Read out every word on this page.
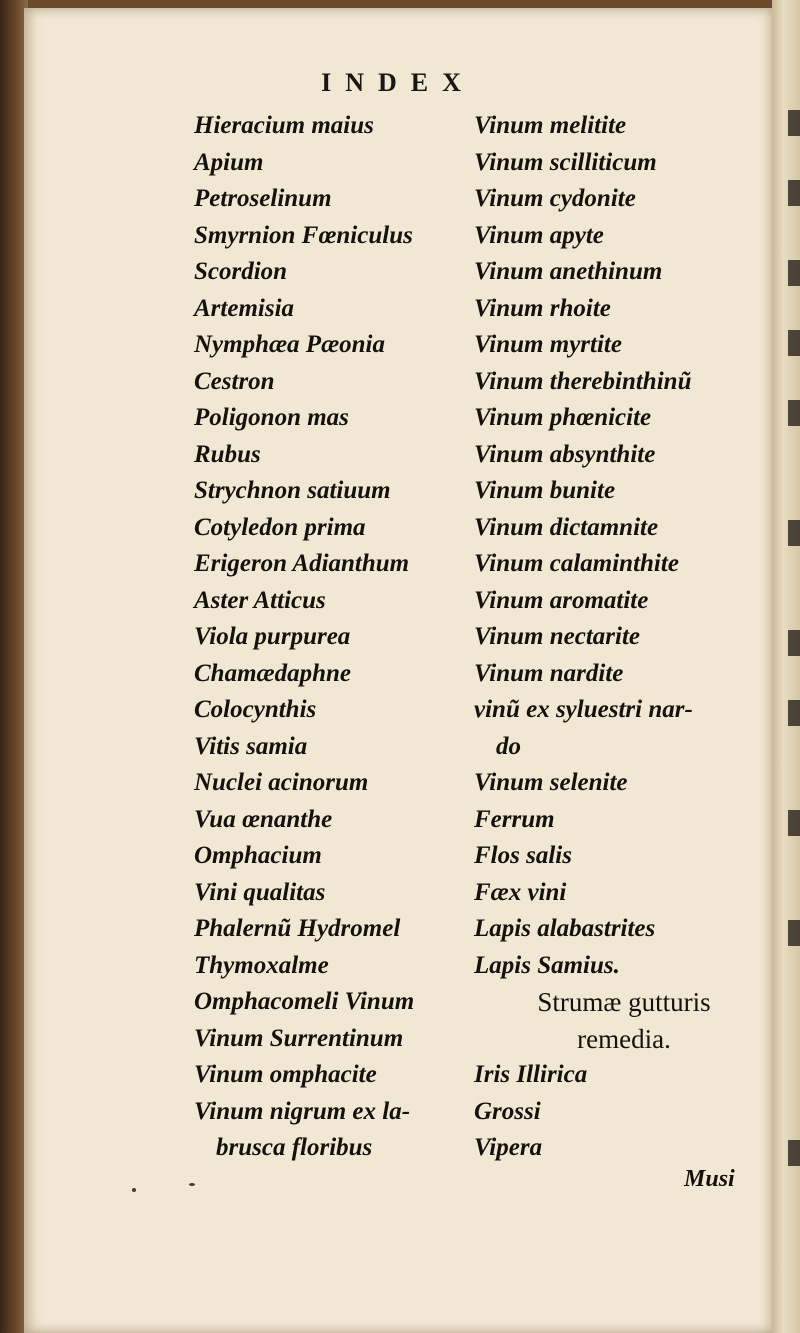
INDEX
Hieracium maius
Apium
Petroselinum
Smyrnion Fœniculus
Scordion
Artemisia
Nymphæa Pæonia
Cestron
Poligonon mas
Rubus
Strychnon satiuum
Cotyledon prima
Erigeron Adianthum
Aster Atticus
Viola purpurea
Chamædaphne
Colocynthis
Vitis samia
Nuclei acinorum
Vua œnanthe
Omphacium
Vini qualitas
Phalernũ Hydromel
Thymoxalme
Omphacomeli Vinum
Vinum Surrentinum
Vinum omphacite
Vinum nigrum ex la-
brusca floribus
Vinum melitite
Vinum scilliticum
Vinum cydonite
Vinum apyte
Vinum anethinum
Vinum rhoite
Vinum myrtite
Vinum therebinthinũ
Vinum phœnicite
Vinum absynthite
Vinum bunite
Vinum dictamnite
Vinum calaminthite
Vinum aromatite
Vinum nectarite
Vinum nardite
vinũ ex syluestri nar-
do
Vinum selenite
Ferrum
Flos salis
Fæx vini
Lapis alabastrites
Lapis Samius.
Strumæ gutturis
remedia.
Iris Illirica
Grossi
Vipera
Musi
